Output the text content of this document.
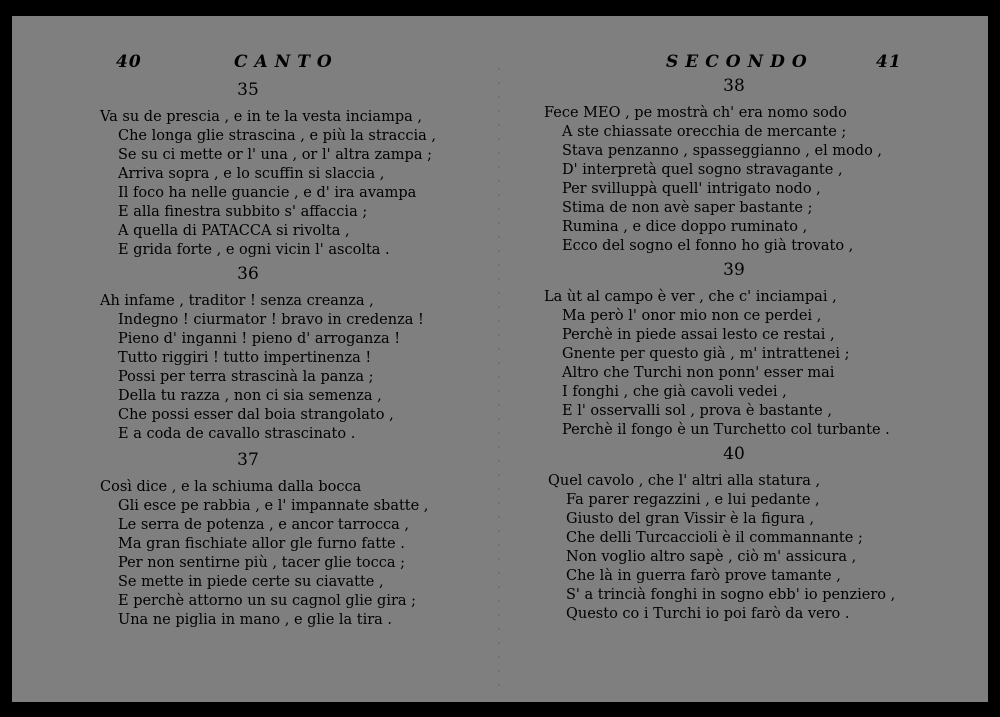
40	CANTO
35
Va su de prescia , e in te la vesta inciampa ,
Che longa glie strascina , e più la straccia ,
Se su ci mette or l' una , or l' altra zampa ;
Arriva sopra , e lo scuffin si slaccia ,
Il foco ha nelle guancie , e d' ira avampa
E alla finestra subbito s' affaccia ;
A quella di PATACCA si rivolta ,
E grida forte , e ogni vicin l' ascolta .
36
Ah infame , traditor ! senza creanza ,
Indegno ! ciurmator ! bravo in credenza !
Pieno d' inganni ! pieno d' arroganza !
Tutto riggiri ! tutto impertinenza !
Possi per terra strascinà la panza ;
Della tu razza , non ci sia semenza ,
Che possi esser dal boia strangolato ,
E a coda de cavallo strascinato .
37
Così dice , e la schiuma dalla bocca
Gli esce pe rabbia , e l' impannate sbatte ,
Le serra de potenza , e ancor tarrocca ,
Ma gran fischiate allor gle furno fatte .
Per non sentirne più , tacer glie tocca ;
Se mette in piede certe su ciavatte ,
E perchè attorno un su cagnol glie gira ;
Una ne piglia in mano , e glie la tira .
SECONDO	41
38
Fece MEO , pe mostrà ch' era nomo sodo
A ste chiassate orecchia de mercante ;
Stava penzanno , spasseggianno , el modo ,
D' interpretà quel sogno stravagante ,
Per svilluppà quell' intrigato nodo ,
Stima de non avè saper bastante ;
Rumina , e dice doppo ruminato ,
Ecco del sogno el fonno ho già trovato ,
39
La ùt al campo è ver , che c' inciampai ,
Ma però l' onor mio non ce perdei ,
Perchè in piede assai lesto ce restai ,
Gnente per questo già , m' intrattenei ;
Altro che Turchi non ponn' esser mai
I fonghi , che già cavoli vedei ,
E l' osservalli sol , prova è bastante ,
Perchè il fongo è un Turchetto col turbante .
40
Quel cavolo , che l' altri alla statura ,
Fa parer regazzini , e lui pedante ,
Giusto del gran Vissir è la figura ,
Che delli Turcaccioli è il commannante ;
Non voglio altro sapè , ciò m' assicura ,
Che là in guerra farò prove tamante ,
S' a trincià fonghi in sogno ebb' io penziero ,
Questo co i Turchi io poi farò da vero .
